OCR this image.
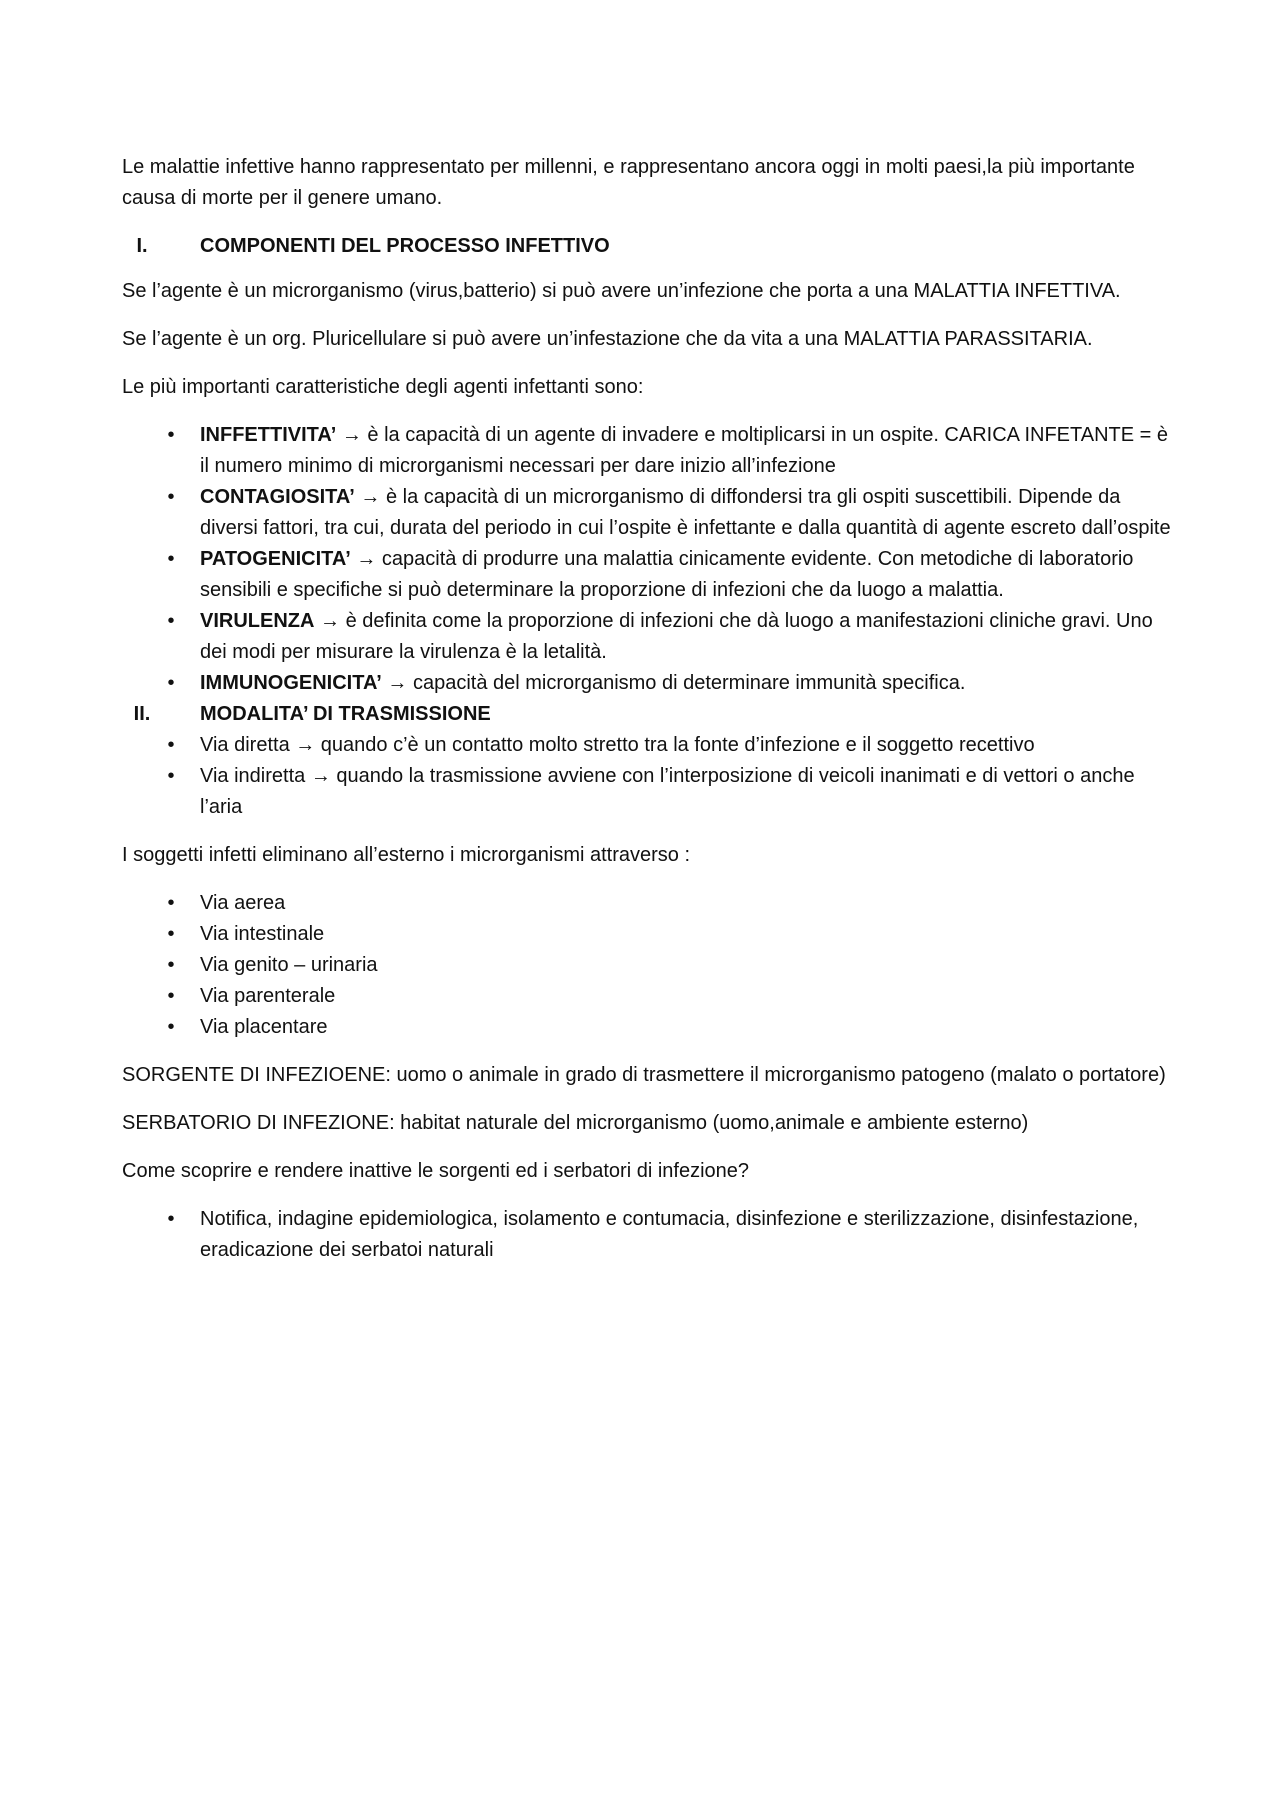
Le malattie infettive hanno rappresentato per millenni, e rappresentano ancora oggi in molti paesi,la più importante causa di morte per il genere umano.

I.	COMPONENTI DEL PROCESSO INFETTIVO

Se l’agente è un microrganismo (virus,batterio) si può avere un’infezione che porta a una MALATTIA INFETTIVA.

Se l’agente è un org. Pluricellulare si può avere un’infestazione che da vita a una MALATTIA PARASSITARIA.

Le più importanti caratteristiche degli agenti infettanti sono:

• INFFETTIVITA’ → è la capacità di un agente di invadere e moltiplicarsi in un ospite. CARICA INFETANTE = è il numero minimo di microrganismi necessari per dare inizio all’infezione
• CONTAGIOSITA’ → è la capacità di un microrganismo di diffondersi tra gli ospiti suscettibili. Dipende da diversi fattori, tra cui, durata del periodo in cui l’ospite è infettante e dalla quantità di agente escreto dall’ospite
• PATOGENICITA’ → capacità di produrre una malattia cinicamente evidente. Con metodiche di laboratorio sensibili e specifiche si può determinare la proporzione di infezioni che da luogo a malattia.
• VIRULENZA → è definita come la proporzione di infezioni che dà luogo a manifestazioni cliniche gravi. Uno dei modi per misurare la virulenza è la letalità.
• IMMUNOGENICITA’ → capacità del microrganismo di determinare immunità specifica.
II.	MODALITA’ DI TRASMISSIONE
• Via diretta → quando c’è un contatto molto stretto tra la fonte d’infezione e il soggetto recettivo
• Via indiretta → quando la trasmissione avviene con l’interposizione di veicoli inanimati e di vettori o anche l’aria

I soggetti infetti eliminano all’esterno i microrganismi attraverso :

• Via aerea
• Via intestinale
• Via genito – urinaria
• Via parenterale
• Via placentare

SORGENTE DI INFEZIOENE: uomo o animale in grado di trasmettere il microrganismo patogeno (malato o portatore)

SERBATORIO DI INFEZIONE: habitat naturale del microrganismo (uomo,animale e ambiente esterno)

Come scoprire e rendere inattive le sorgenti ed i serbatori di infezione?

• Notifica, indagine epidemiologica, isolamento e contumacia, disinfezione e sterilizzazione, disinfestazione, eradicazione dei serbatoi naturali
